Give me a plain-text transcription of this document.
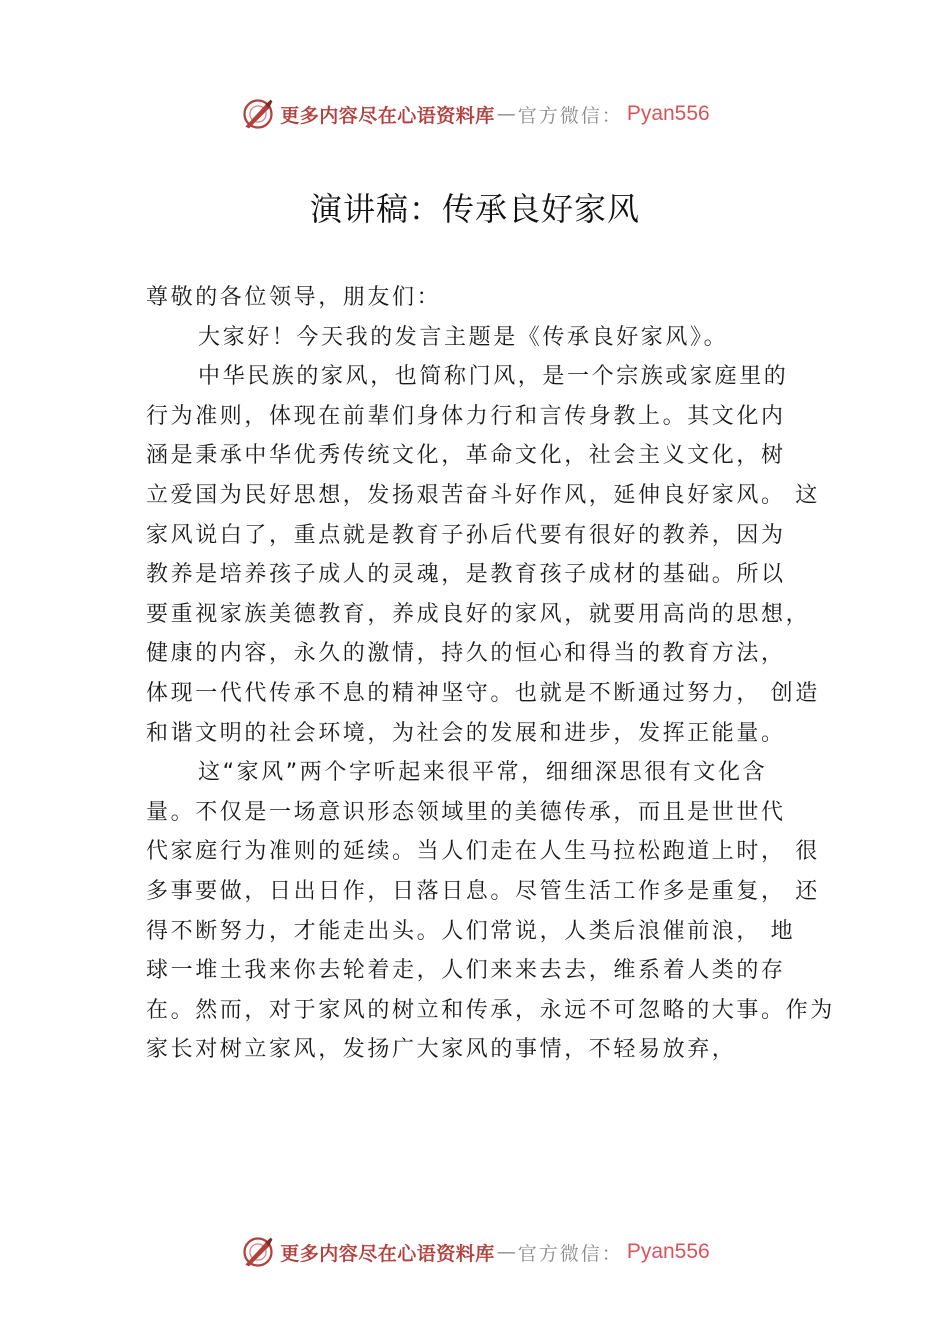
更多内容尽在心语资料库 — 官方微信： Pyan556
演讲稿：传承良好家风
尊敬的各位领导，朋友们：
大家好！今天我的发言主题是《传承良好家风》。
中华民族的家风，也简称门风，是一个宗族或家庭里的
行为准则，体现在前辈们身体力行和言传身教上。其文化内
涵是秉承中华优秀传统文化，革命文化，社会主义文化，树
立爱国为民好思想，发扬艰苦奋斗好作风，延伸良好家风。 这
家风说白了，重点就是教育子孙后代要有很好的教养，因为
教养是培养孩子成人的灵魂，是教育孩子成材的基础。所以
要重视家族美德教育，养成良好的家风，就要用高尚的思想，
健康的内容，永久的激情，持久的恒心和得当的教育方法，
体现一代代传承不息的精神坚守。也就是不断通过努力， 创造
和谐文明的社会环境，为社会的发展和进步，发挥正能量。
这“家风”两个字听起来很平常，细细深思很有文化含
量。不仅是一场意识形态领域里的美德传承，而且是世世代
代家庭行为准则的延续。当人们走在人生马拉松跑道上时， 很
多事要做，日出日作，日落日息。尽管生活工作多是重复， 还
得不断努力，才能走出头。人们常说，人类后浪催前浪， 地
球一堆土我来你去轮着走，人们来来去去，维系着人类的存
在。然而，对于家风的树立和传承，永远不可忽略的大事。作为
家长对树立家风，发扬广大家风的事情，不轻易放弃，
更多内容尽在心语资料库 — 官方微信： Pyan556
